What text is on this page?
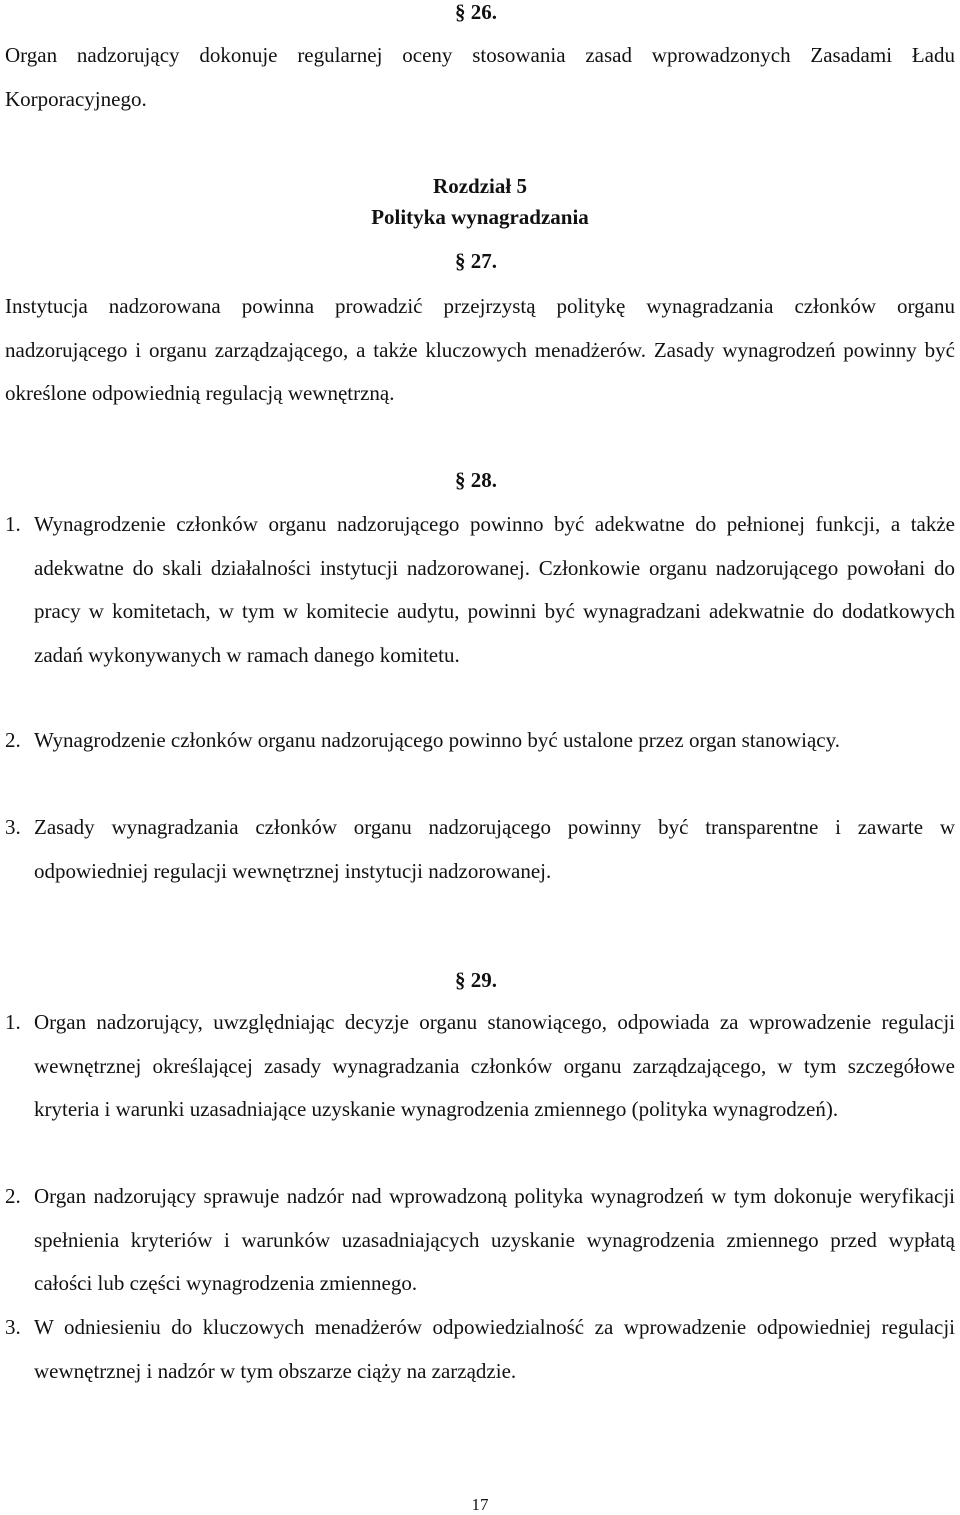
§ 26.

Organ nadzorujący dokonuje regularnej oceny stosowania zasad wprowadzonych Zasadami Ładu Korporacyjnego.

Rozdział 5
Polityka wynagradzania
§ 27.

Instytucja nadzorowana powinna prowadzić przejrzystą politykę wynagradzania członków organu nadzorującego i organu zarządzającego, a także kluczowych menadżerów. Zasady wynagrodzeń powinny być określone odpowiednią regulacją wewnętrzną.

§ 28.
1. Wynagrodzenie członków organu nadzorującego powinno być adekwatne do pełnionej funkcji, a także adekwatne do skali działalności instytucji nadzorowanej. Członkowie organu nadzorującego powołani do pracy w komitetach, w tym w komitecie audytu, powinni być wynagradzani adekwatnie do dodatkowych zadań wykonywanych w ramach danego komitetu.

2. Wynagrodzenie członków organu nadzorującego powinno być ustalone przez organ stanowiący.

3. Zasady wynagradzania członków organu nadzorującego powinny być transparentne i zawarte w odpowiedniej regulacji wewnętrznej instytucji nadzorowanej.

§ 29.
1. Organ nadzorujący, uwzględniając decyzje organu stanowiącego, odpowiada za wprowadzenie regulacji wewnętrznej określającej zasady wynagradzania członków organu zarządzającego, w tym szczegółowe kryteria i warunki uzasadniające uzyskanie wynagrodzenia zmiennego (polityka wynagrodzeń).

2. Organ nadzorujący sprawuje nadzór nad wprowadzoną polityka wynagrodzeń w tym dokonuje weryfikacji spełnienia kryteriów i warunków uzasadniających uzyskanie wynagrodzenia zmiennego przed wypłatą całości lub części wynagrodzenia zmiennego.

3. W odniesieniu do kluczowych menadżerów odpowiedzialność za wprowadzenie odpowiedniej regulacji wewnętrznej i nadzór w tym obszarze ciąży na zarządzie.

17
